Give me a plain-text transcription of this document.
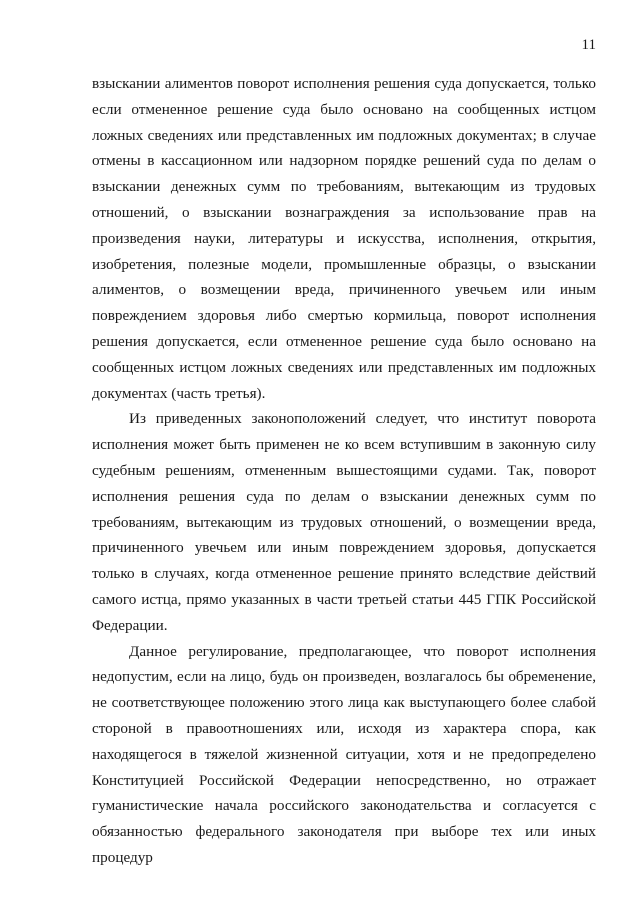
11

взыскании алиментов поворот исполнения решения суда допускается, только если отмененное решение суда было основано на сообщенных истцом ложных сведениях или представленных им подложных документах; в случае отмены в кассационном или надзорном порядке решений суда по делам о взыскании денежных сумм по требованиям, вытекающим из трудовых отношений, о взыскании вознаграждения за использование прав на произведения науки, литературы и искусства, исполнения, открытия, изобретения, полезные модели, промышленные образцы, о взыскании алиментов, о возмещении вреда, причиненного увечьем или иным повреждением здоровья либо смертью кормильца, поворот исполнения решения допускается, если отмененное решение суда было основано на сообщенных истцом ложных сведениях или представленных им подложных документах (часть третья).

Из приведенных законоположений следует, что институт поворота исполнения может быть применен не ко всем вступившим в законную силу судебным решениям, отмененным вышестоящими судами. Так, поворот исполнения решения суда по делам о взыскании денежных сумм по требованиям, вытекающим из трудовых отношений, о возмещении вреда, причиненного увечьем или иным повреждением здоровья, допускается только в случаях, когда отмененное решение принято вследствие действий самого истца, прямо указанных в части третьей статьи 445 ГПК Российской Федерации.

Данное регулирование, предполагающее, что поворот исполнения недопустим, если на лицо, будь он произведен, возлагалось бы обременение, не соответствующее положению этого лица как выступающего более слабой стороной в правоотношениях или, исходя из характера спора, как находящегося в тяжелой жизненной ситуации, хотя и не предопределено Конституцией Российской Федерации непосредственно, но отражает гуманистические начала российского законодательства и согласуется с обязанностью федерального законодателя при выборе тех или иных процедур
